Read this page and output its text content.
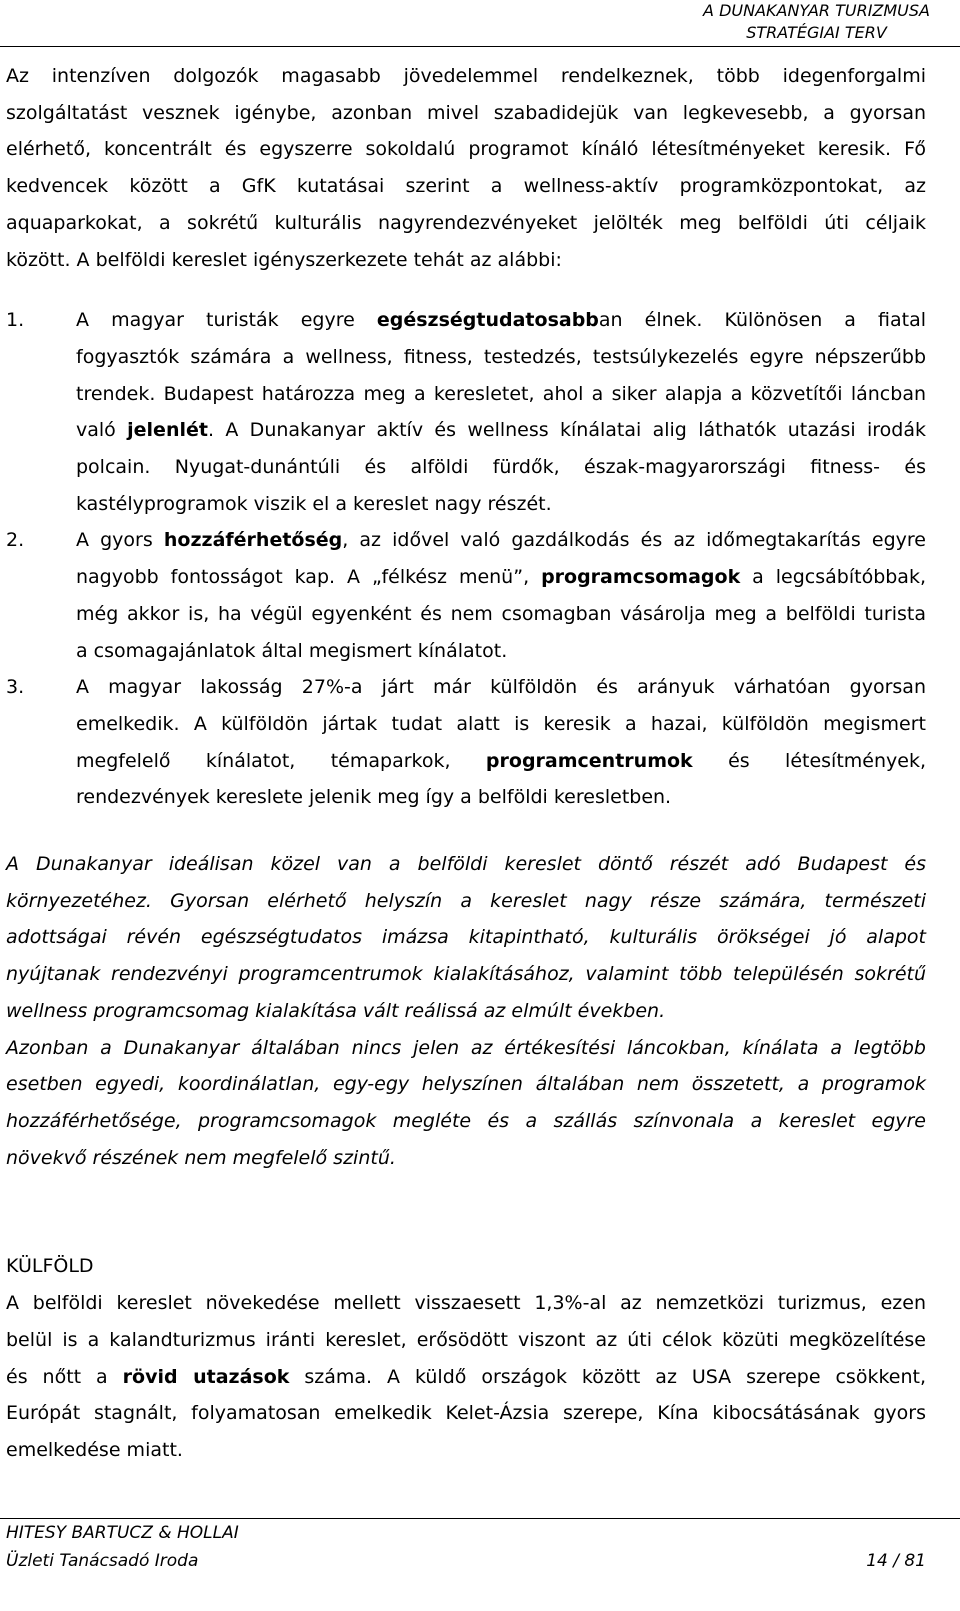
A DUNAKANYAR TURIZMUSA
STRATÉGIAI TERV

Az intenzíven dolgozók magasabb jövedelemmel rendelkeznek, több idegenforgalmi

szolgáltatást vesznek igénybe, azonban mivel szabadidejük van legkevesebb, a gyorsan

elérhető, koncentrált és egyszerre sokoldalú programot kínáló létesítményeket keresik. Fő

kedvencek között a GfK kutatásai szerint a wellness-aktív programközpontokat, az

aquaparkokat, a sokrétű kulturális nagyrendezvényeket jelölték meg belföldi úti céljaik

között. A belföldi kereslet igényszerkezete tehát az alábbi:

1.	A magyar turisták egyre egészségtudatosabban élnek. Különösen a fiatal

fogyasztók számára a wellness, fitness, testedzés, testsúlykezelés egyre népszerűbb

trendek. Budapest határozza meg a keresletet, ahol a siker alapja a közvetítői láncban

való jelenlét. A Dunakanyar aktív és wellness kínálatai alig láthatók utazási irodák

polcain. Nyugat-dunántúli és alföldi fürdők, észak-magyarországi fitness- és

kastélyprogramok viszik el a kereslet nagy részét.

2.	A gyors hozzáférhetőség, az idővel való gazdálkodás és az időmegtakarítás egyre

nagyobb fontosságot kap. A „félkész menü”, programcsomagok a legcsábítóbbak,

még akkor is, ha végül egyenként és nem csomagban vásárolja meg a belföldi turista

a csomagajánlatok által megismert kínálatot.

3.	A magyar lakosság 27%-a járt már külföldön és arányuk várhatóan gyorsan

emelkedik. A külföldön jártak tudat alatt is keresik a hazai, külföldön megismert

megfelelő kínálatot, témaparkok, programcentrumok és létesítmények,

rendezvények kereslete jelenik meg így a belföldi keresletben.

A Dunakanyar ideálisan közel van a belföldi kereslet döntő részét adó Budapest és

környezetéhez. Gyorsan elérhető helyszín a kereslet nagy része számára, természeti

adottságai révén egészségtudatos imázsa kitapintható, kulturális örökségei jó alapot

nyújtanak rendezvényi programcentrumok kialakításához, valamint több településén sokrétű

wellness programcsomag kialakítása vált reálissá az elmúlt években.

Azonban a Dunakanyar általában nincs jelen az értékesítési láncokban, kínálata a legtöbb

esetben egyedi, koordinálatlan, egy-egy helyszínen általában nem összetett, a programok

hozzáférhetősége, programcsomagok megléte és a szállás színvonala a kereslet egyre

növekvő részének nem megfelelő szintű.

KÜLFÖLD

A belföldi kereslet növekedése mellett visszaesett 1,3%-al az nemzetközi turizmus, ezen

belül is a kalandturizmus iránti kereslet, erősödött viszont az úti célok közüti megközelítése

és nőtt a rövid utazások száma. A küldő országok között az USA szerepe csökkent,

Európát stagnált, folyamatosan emelkedik Kelet-Ázsia szerepe, Kína kibocsátásának gyors

emelkedése miatt.

HITESY BARTUCZ & HOLLAI
Üzleti Tanácsadó Iroda	14 / 81
